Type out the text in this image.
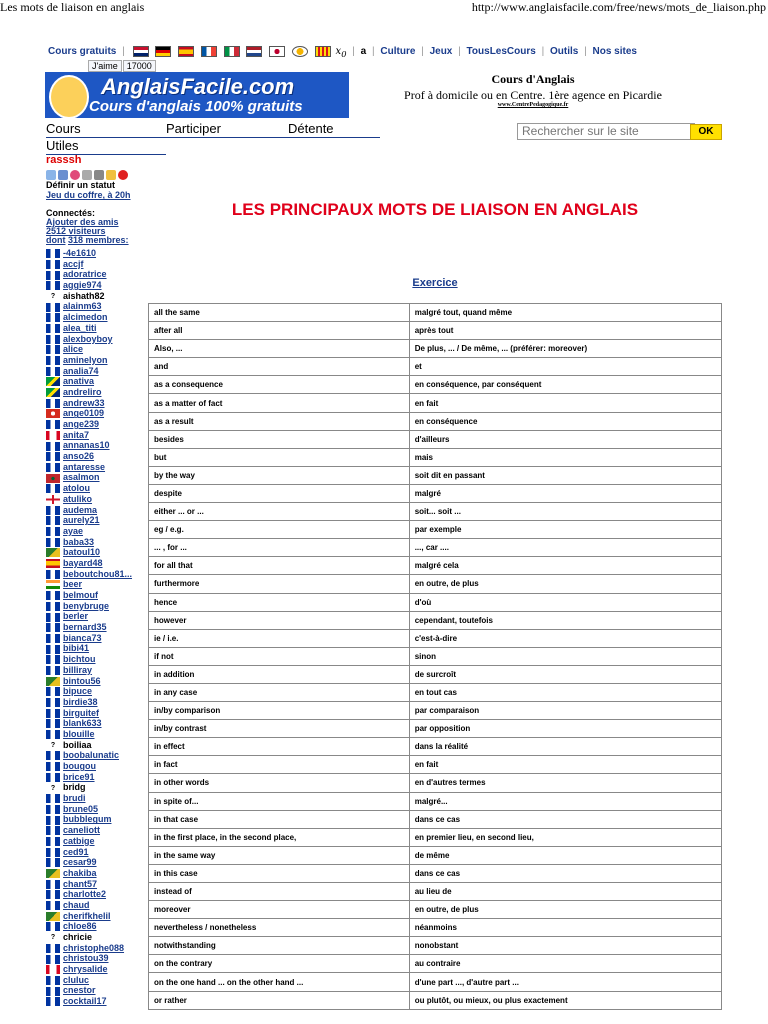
Les mots de liaison en anglais	http://www.anglaisfacile.com/free/news/mots_de_liaison.php
Cours gratuits |	$x_0$ | a | Culture | Jeux | TousLesCours | Outils | Nos sites
J'aime 17000
AnglaisFacile.com
Cours d'anglais 100% gratuits
Cours d'Anglais
Prof à domicile ou en Centre. 1ère agence en Picardie
www.CentrePedagogique.fr
Cours	Participer	Détente
Utiles
Rechercher sur le site
OK
rasssh
Définir un statut
Jeu du coffre, à 20h
Connectés:
Ajouter des amis
2512 visiteurs
dont 318 membres:
-4e1610
accjf
adoratrice
aggie974
? aishath82
alainm63
alcimedon
alea_titi
alexboyboy
alice
aminelyon
analia74
anativa
andreliro
andrew33
ange0109
ange239
anita7
annanas10
anso26
antaresse
asalmon
atolou
atuliko
audema
aurely21
ayae
baba33
batoul10
bayard48
beboutchou81...
beer
belmouf
benybruge
berler
bernard35
bianca73
bibi41
bichtou
billiray
bintou56
bipuce
birdie38
birguitef
blank633
blouille
? boiliaa
boobalunatic
bougou
brice91
? bridg
brudi
brune05
bubblegum
caneliott
catbige
ced91
cesar99
chakiba
chant57
charlotte2
chaud
cherifkhelil
chloe86
? chricie
christophe088
christou39
chrysalide
cluluc
cnestor
cocktail17
LES PRINCIPAUX MOTS DE LIAISON EN ANGLAIS
Exercice
all the same	malgré tout, quand même
after all	après tout
Also, ...	De plus, ... / De même, ... (préférer: moreover)
and	et
as a consequence	en conséquence, par conséquent
as a matter of fact	en fait
as a result	en conséquence
besides	d'ailleurs
but	mais
by the way	soit dit en passant
despite	malgré
either ... or ...	soit... soit ...
eg / e.g.	par exemple
... , for ...	..., car ....
for all that	malgré cela
furthermore	en outre, de plus
hence	d'où
however	cependant, toutefois
ie / i.e.	c'est-à-dire
if not	sinon
in addition	de surcroît
in any case	en tout cas
in/by comparison	par comparaison
in/by contrast	par opposition
in effect	dans la réalité
in fact	en fait
in other words	en d'autres termes
in spite of...	malgré...
in that case	dans ce cas
in the first place, in the second place,	en premier lieu, en second lieu,
in the same way	de même
in this case	dans ce cas
instead of	au lieu de
moreover	en outre, de plus
nevertheless / nonetheless	néanmoins
notwithstanding	nonobstant
on the contrary	au contraire
on the one hand ... on the other hand ...	d'une part ..., d'autre part ...
or rather	ou plutôt, ou mieux, ou plus exactement
